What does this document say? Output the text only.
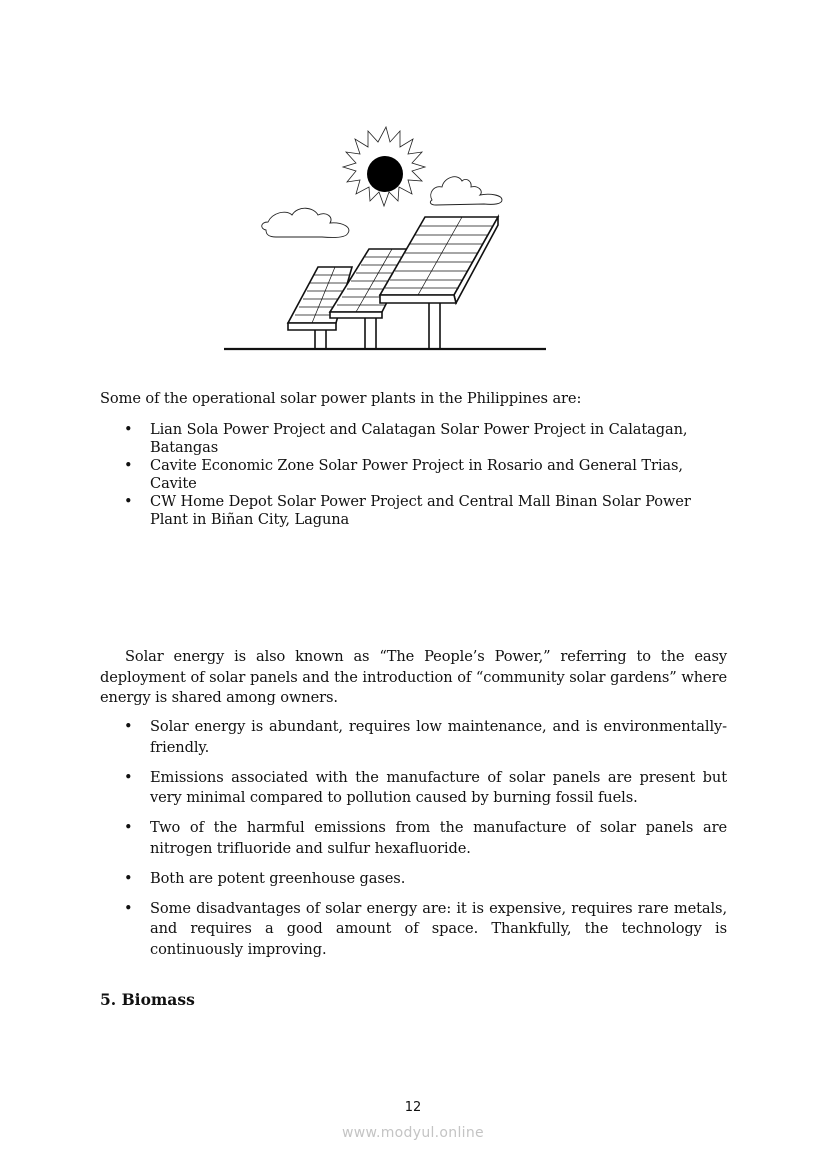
Some of the operational solar power plants in the Philippines are:
• Lian Sola Power Project and Calatagan Solar Power Project in Calatagan,
Batangas
• Cavite Economic Zone Solar Power Project in Rosario and General Trias,
Cavite
• CW Home Depot Solar Power Project and Central Mall Binan Solar Power
Plant in Biñan City, Laguna
Solar energy is also known as “The People’s Power,” referring to the easy deployment of solar panels and the introduction of “community solar gardens” where energy is shared among owners.
• Solar energy is abundant, requires low maintenance, and is environmentally-friendly.
• Emissions associated with the manufacture of solar panels are present but very minimal compared to pollution caused by burning fossil fuels.
• Two of the harmful emissions from the manufacture of solar panels are nitrogen trifluoride and sulfur hexafluoride.
• Both are potent greenhouse gases.
• Some disadvantages of solar energy are: it is expensive, requires rare metals, and requires a good amount of space. Thankfully, the technology is continuously improving.
5. Biomass
12
www.modyul.online
